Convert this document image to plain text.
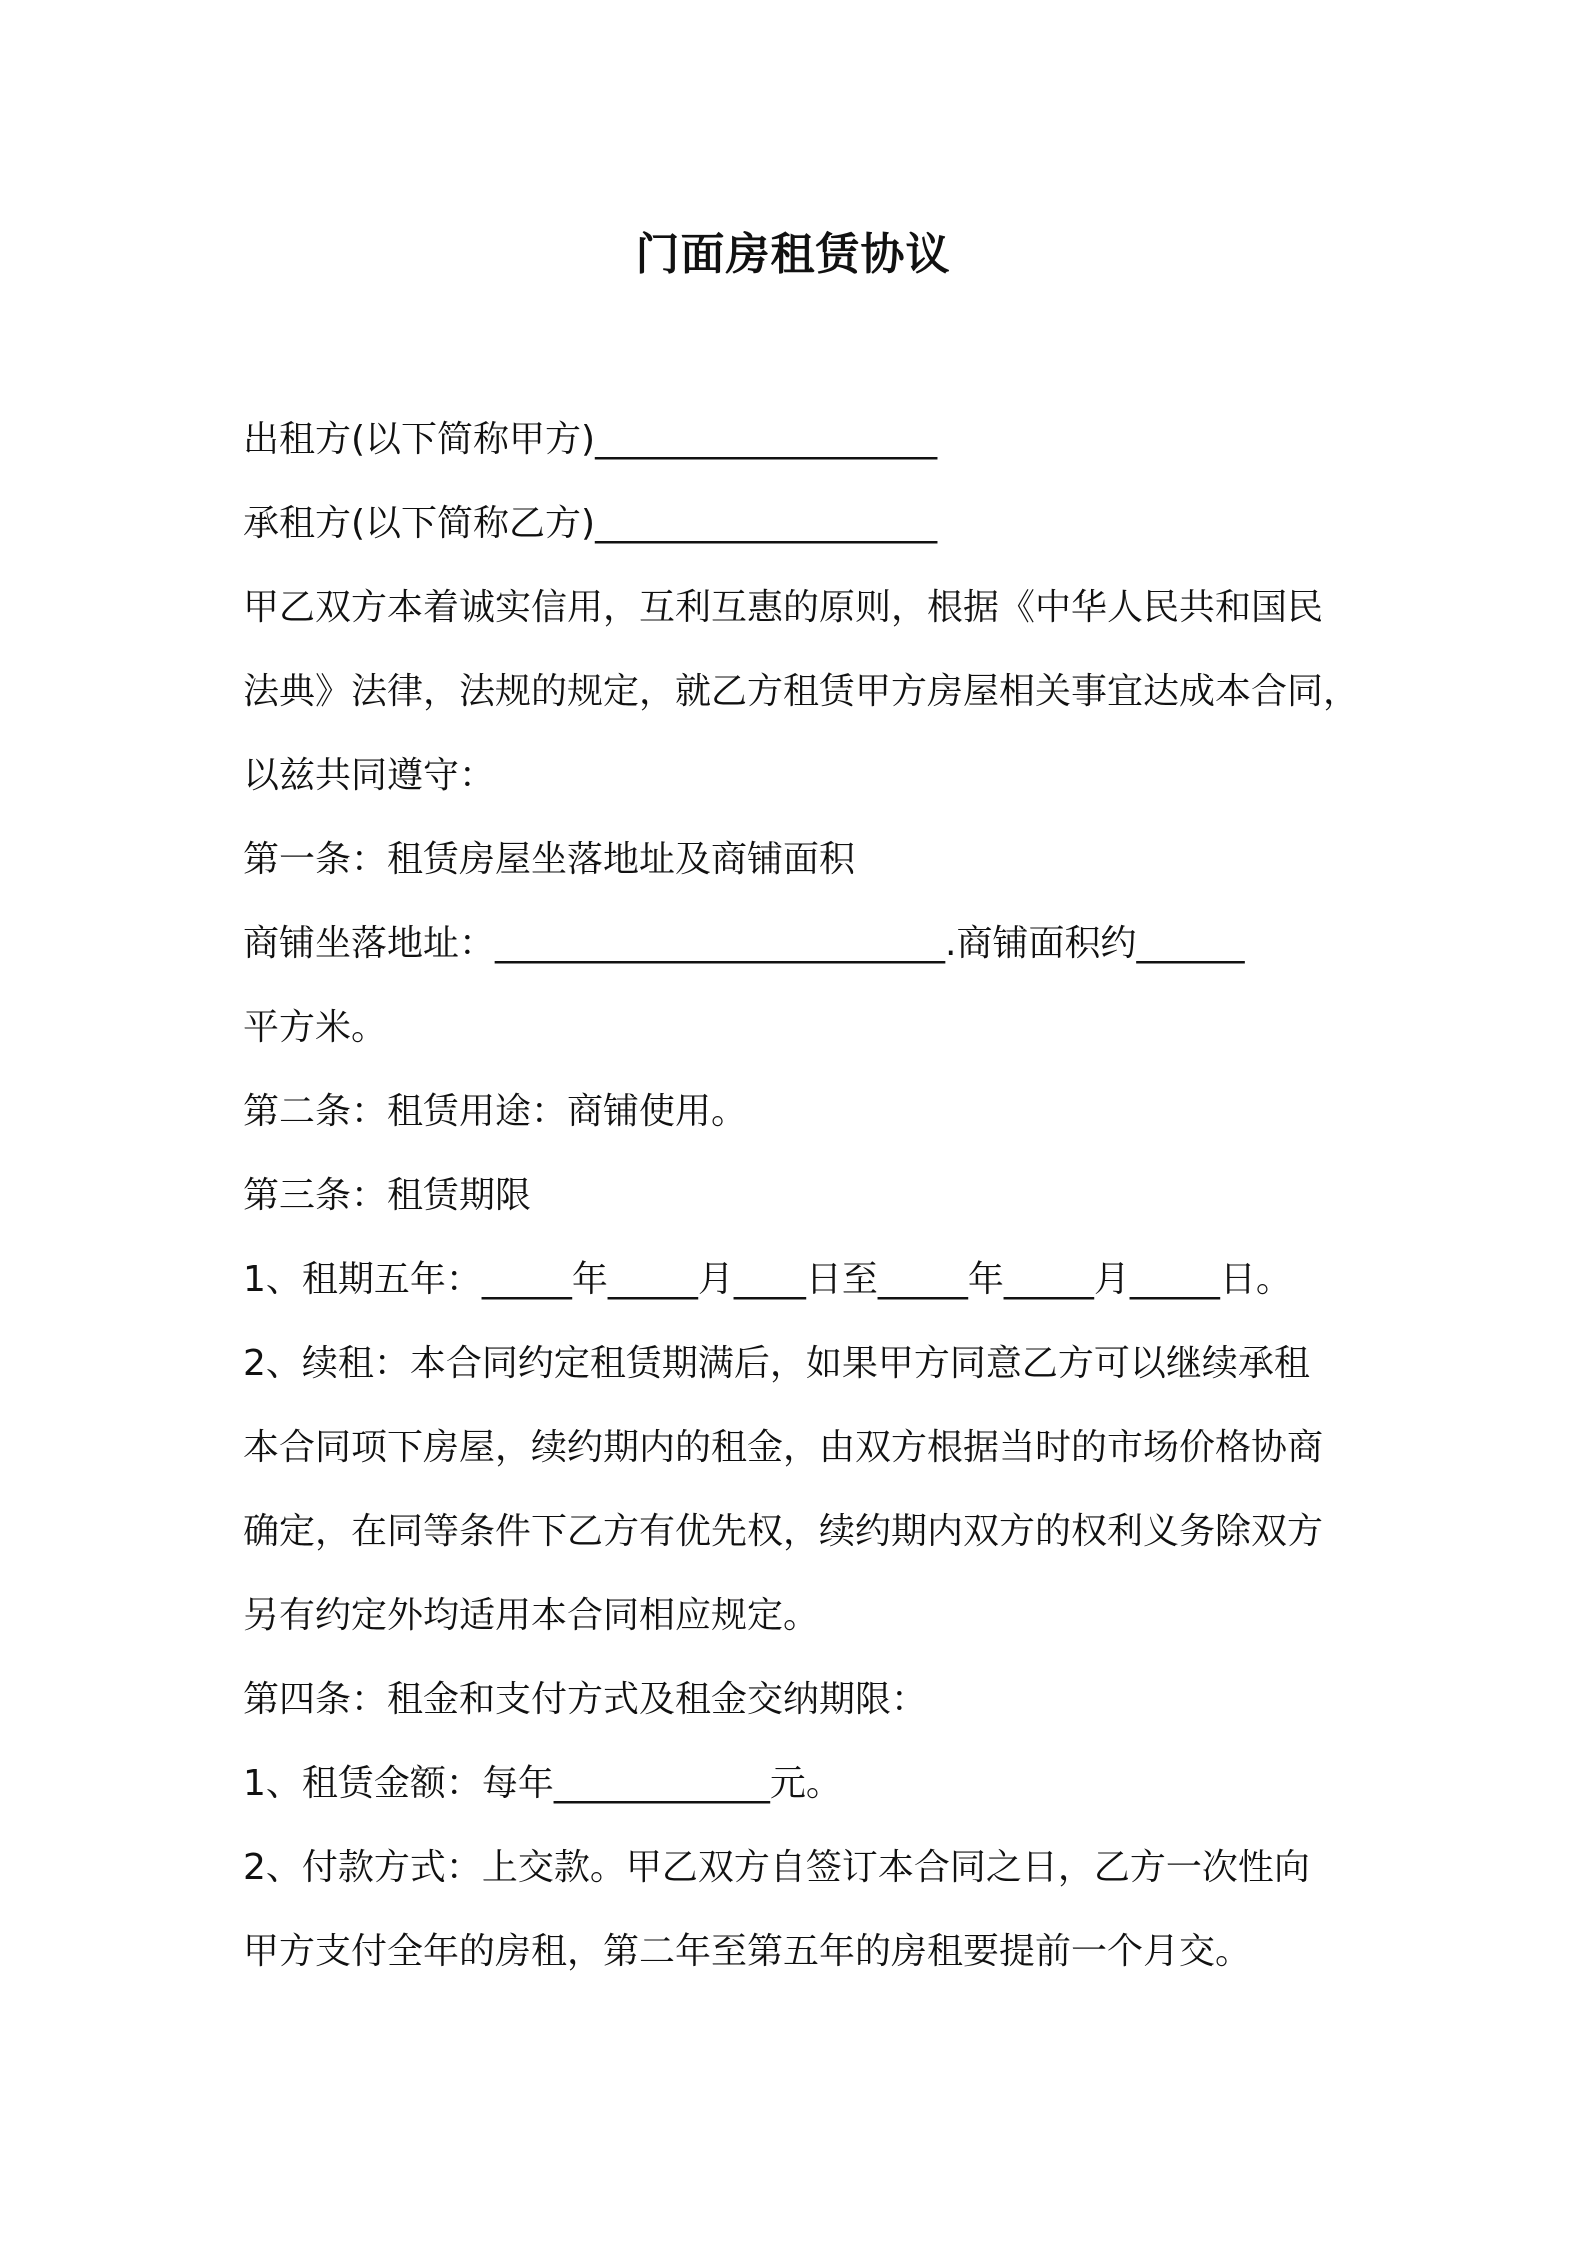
门面房租赁协议

出租方(以下简称甲方)___________________

承租方(以下简称乙方)___________________

甲乙双方本着诚实信用，互利互惠的原则，根据《中华人民共和国民

法典》法律，法规的规定，就乙方租赁甲方房屋相关事宜达成本合同，

以兹共同遵守：

第一条：租赁房屋坐落地址及商铺面积

商铺坐落地址：_________________________.商铺面积约______

平方米。

第二条：租赁用途：商铺使用。

第三条：租赁期限

1、租期五年：_____年_____月____日至_____年_____月_____日。

2、续租：本合同约定租赁期满后，如果甲方同意乙方可以继续承租

本合同项下房屋，续约期内的租金，由双方根据当时的市场价格协商

确定，在同等条件下乙方有优先权，续约期内双方的权利义务除双方

另有约定外均适用本合同相应规定。

第四条：租金和支付方式及租金交纳期限：

1、租赁金额：每年____________元。

2、付款方式：上交款。甲乙双方自签订本合同之日，乙方一次性向

甲方支付全年的房租，第二年至第五年的房租要提前一个月交。
